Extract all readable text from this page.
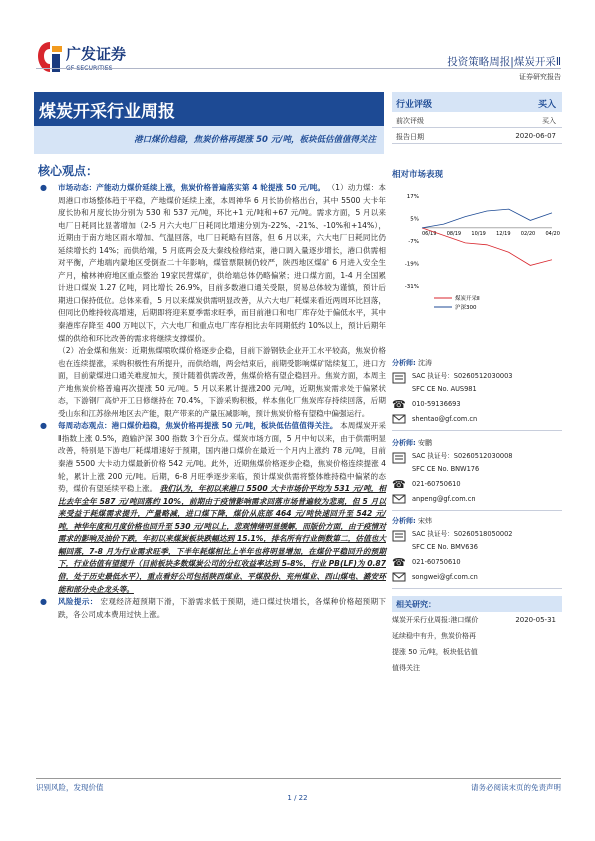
广发证券
GF SECURITIES
投资策略周报|煤炭开采Ⅱ
证券研究报告
煤炭开采行业周报
港口煤价趋稳，焦炭价格再提涨 50 元/吨，板块低估值值得关注
行业评级	买入
前次评级	买入
报告日期	2020-06-07
核心观点：
● 市场动态：产能动力煤价延续上涨，焦炭价格普遍落实第 4 轮提涨 50 元/吨。 （1）动力煤：本周港口市场整体趋于平稳，产地煤价延续上涨，本周神华 6 月长协价格出台，其中 5500 大卡年度长协和月度长协分别为 530 和 537 元/吨，环比+1 元/吨和+67 元/吨。需求方面，5 月以来电厂日耗同比显著增加（2-5 月六大电厂日耗同比增速分别为-22%、-21%、-10%和+14%），近期由于南方地区雨水增加、气温回落，电厂日耗略有回落，但 6 月以来，六大电厂日耗同比仍延续增长约 14%；而供给端，5 月底两会及大秦线检修结束，港口调入量逐步增长，港口供需相对平衡，产地端内蒙地区受倒查二十年影响，煤管票限制仍较严，陕西地区煤矿 6 月进入安全生产月，榆林神府地区重点整治 19家民营煤矿，供给端总体仍略偏紧；进口煤方面，1-4 月全国累计进口煤炭 1.27 亿吨，同比增长 26.9%，目前多数港口通关受限，贸易总体较为谨慎，预计后期进口保持低位。总体来看，5 月以来煤炭供需明显改善，从六大电厂耗煤来看近两周环比回落，但同比仍维持较高增速，后期即将迎来夏季需求旺季，而目前港口和电厂库存处于偏低水平，其中秦港库存降至 400 万吨以下，六大电厂和重点电厂库存相比去年同期低约 10%以上，预计后期年煤的供给和环比改善的需求将继续支撑煤价。
（2）冶金煤和焦炭：近期焦煤喷吹煤价格逐步企稳，目前下游钢铁企业开工水平较高，焦炭价格也在连续提涨，采购积极性有所提升，而供给端，两会结束后，前期受影响煤矿陆续复工，进口方面，目前蒙煤进口通关难度加大，预计随着供需改善，焦煤价格有望企稳回升。焦炭方面，本周主产地焦炭价格普遍再次提涨 50 元/吨。5 月以来累计提涨200 元/吨，近期焦炭需求处于偏紧状态，下游钢厂高炉开工日修继持在 70.4%，下游采购积极，样本焦化厂焦炭库存持续回落，后期受山东和江苏徐州地区去产能，限产带来的产量压减影响，预计焦炭价格有望稳中偏强运行。
● 每周动态观点：港口煤价趋稳，焦炭价格再提涨 50 元/吨，板块低估值值得关注。 本周煤炭开采Ⅱ指数上涨 0.5%，跑输沪深 300 指数 3个百分点。煤炭市场方面，5 月中旬以来，由于供需明显改善，特别是下游电厂耗煤增速好于预期，国内港口煤价在最近一个月内上涨约 78 元/吨，目前秦港 5500 大卡动力煤最新价格 542 元/吨。此外，近期焦煤价格逐步企稳，焦炭价格连续提涨 4 轮，累计上涨 200 元/吨。后期，6-8 月旺季逐步来临，预计煤炭供需将整体维持稳中偏紧的态势，煤价有望延续平稳上涨。 我们认为，年初以来港口 5500 大卡市场价平均为 531 元/吨，相比去年全年 587 元/吨回落约 10%，前期由于疫情影响需求回落市场普遍较为悲观，但 5 月以来受益于耗煤需求提升，产量略减，进口煤下降，煤价从底部 464 元/吨快速回升至 542 元/吨，神华年度和月度价格也回升至 530 元/吨以上，悲观情绪明显缓解，而版价方面，由于疫情对需求的影响及油价下跌，年初以来煤炭板块跌幅达到 15.1%，排名所有行业倒数第二，估值也大幅回落，7-8 月为行业需求旺季，下半年耗煤相比上半年也将明显增加，在煤价平稳回升的预期下，行业估值有望提升（目前板块多数煤炭公司的分红收益率达到 5-8%，行业 PB(LF)为 0.87 倍，处于历史最低水平），重点看好公司包括陕西煤业、平煤股份、兖州煤业、西山煤电、潞安环能和部分央企龙头等。
● 风险提示： 宏观经济超预期下滑，下游需求低于预期，进口煤过快增长，各煤种价格超预期下跌，各公司成本费用过快上涨。
相对市场表现
17%
5%
-7%
-19%
-31%
06/19 08/19 10/19 12/19 02/20 04/20
煤炭开采Ⅱ
沪深300
分析师: 沈涛
SAC 执证号：S0260512030003
SFC CE No. AUS981
☎ 010-59136693
shentao@gf.com.cn
分析师: 安鹏
SAC 执证号：S0260512030008
SFC CE No. BNW176
☎ 021-60750610
anpeng@gf.com.cn
分析师: 宋炜
SAC 执证号：S0260518050002
SFC CE No. BMV636
☎ 021-60750610
songwei@gf.com.cn
相关研究：
煤炭开采行业周报:港口煤价	2020-05-31
延续稳中有升，焦炭价格再
提涨 50 元/吨，板块低估值
值得关注
识别风险，发现价值	请务必阅读末页的免责声明
1 / 22
